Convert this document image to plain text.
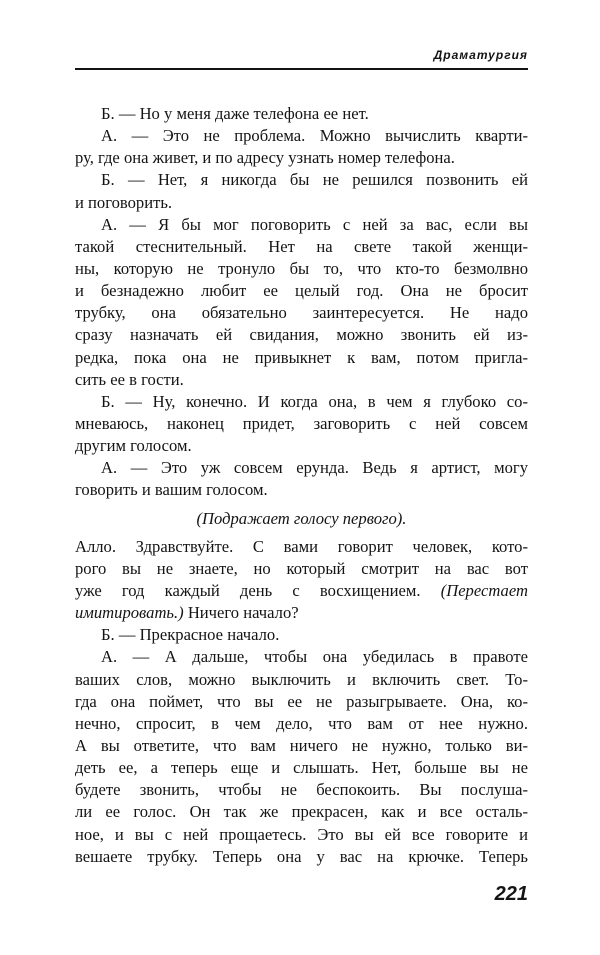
Драматургия
Б. — Но у меня даже телефона ее нет.
А. — Это не проблема. Можно вычислить кварти-
ру, где она живет, и по адресу узнать номер телефона.
Б. — Нет, я никогда бы не решился позвонить ей
и поговорить.
А. — Я бы мог поговорить с ней за вас, если вы
такой стеснительный. Нет на свете такой женщи-
ны, которую не тронуло бы то, что кто-то безмолвно
и безнадежно любит ее целый год. Она не бросит
трубку, она обязательно заинтересуется. Не надо
сразу назначать ей свидания, можно звонить ей из-
редка, пока она не привыкнет к вам, потом пригла-
сить ее в гости.
Б. — Ну, конечно. И когда она, в чем я глубоко со-
мневаюсь, наконец придет, заговорить с ней совсем
другим голосом.
А. — Это уж совсем ерунда. Ведь я артист, могу
говорить и вашим голосом.
(Подражает голосу первого).
Алло. Здравствуйте. С вами говорит человек, кото-
рого вы не знаете, но который смотрит на вас вот
уже год каждый день с восхищением. (Перестает
имитировать.) Ничего начало?
Б. — Прекрасное начало.
А. — А дальше, чтобы она убедилась в правоте
ваших слов, можно выключить и включить свет. То-
гда она поймет, что вы ее не разыгрываете. Она, ко-
нечно, спросит, в чем дело, что вам от нее нужно.
А вы ответите, что вам ничего не нужно, только ви-
деть ее, а теперь еще и слышать. Нет, больше вы не
будете звонить, чтобы не беспокоить. Вы послуша-
ли ее голос. Он так же прекрасен, как и все осталь-
ное, и вы с ней прощаетесь. Это вы ей все говорите и
вешаете трубку. Теперь она у вас на крючке. Теперь
221
